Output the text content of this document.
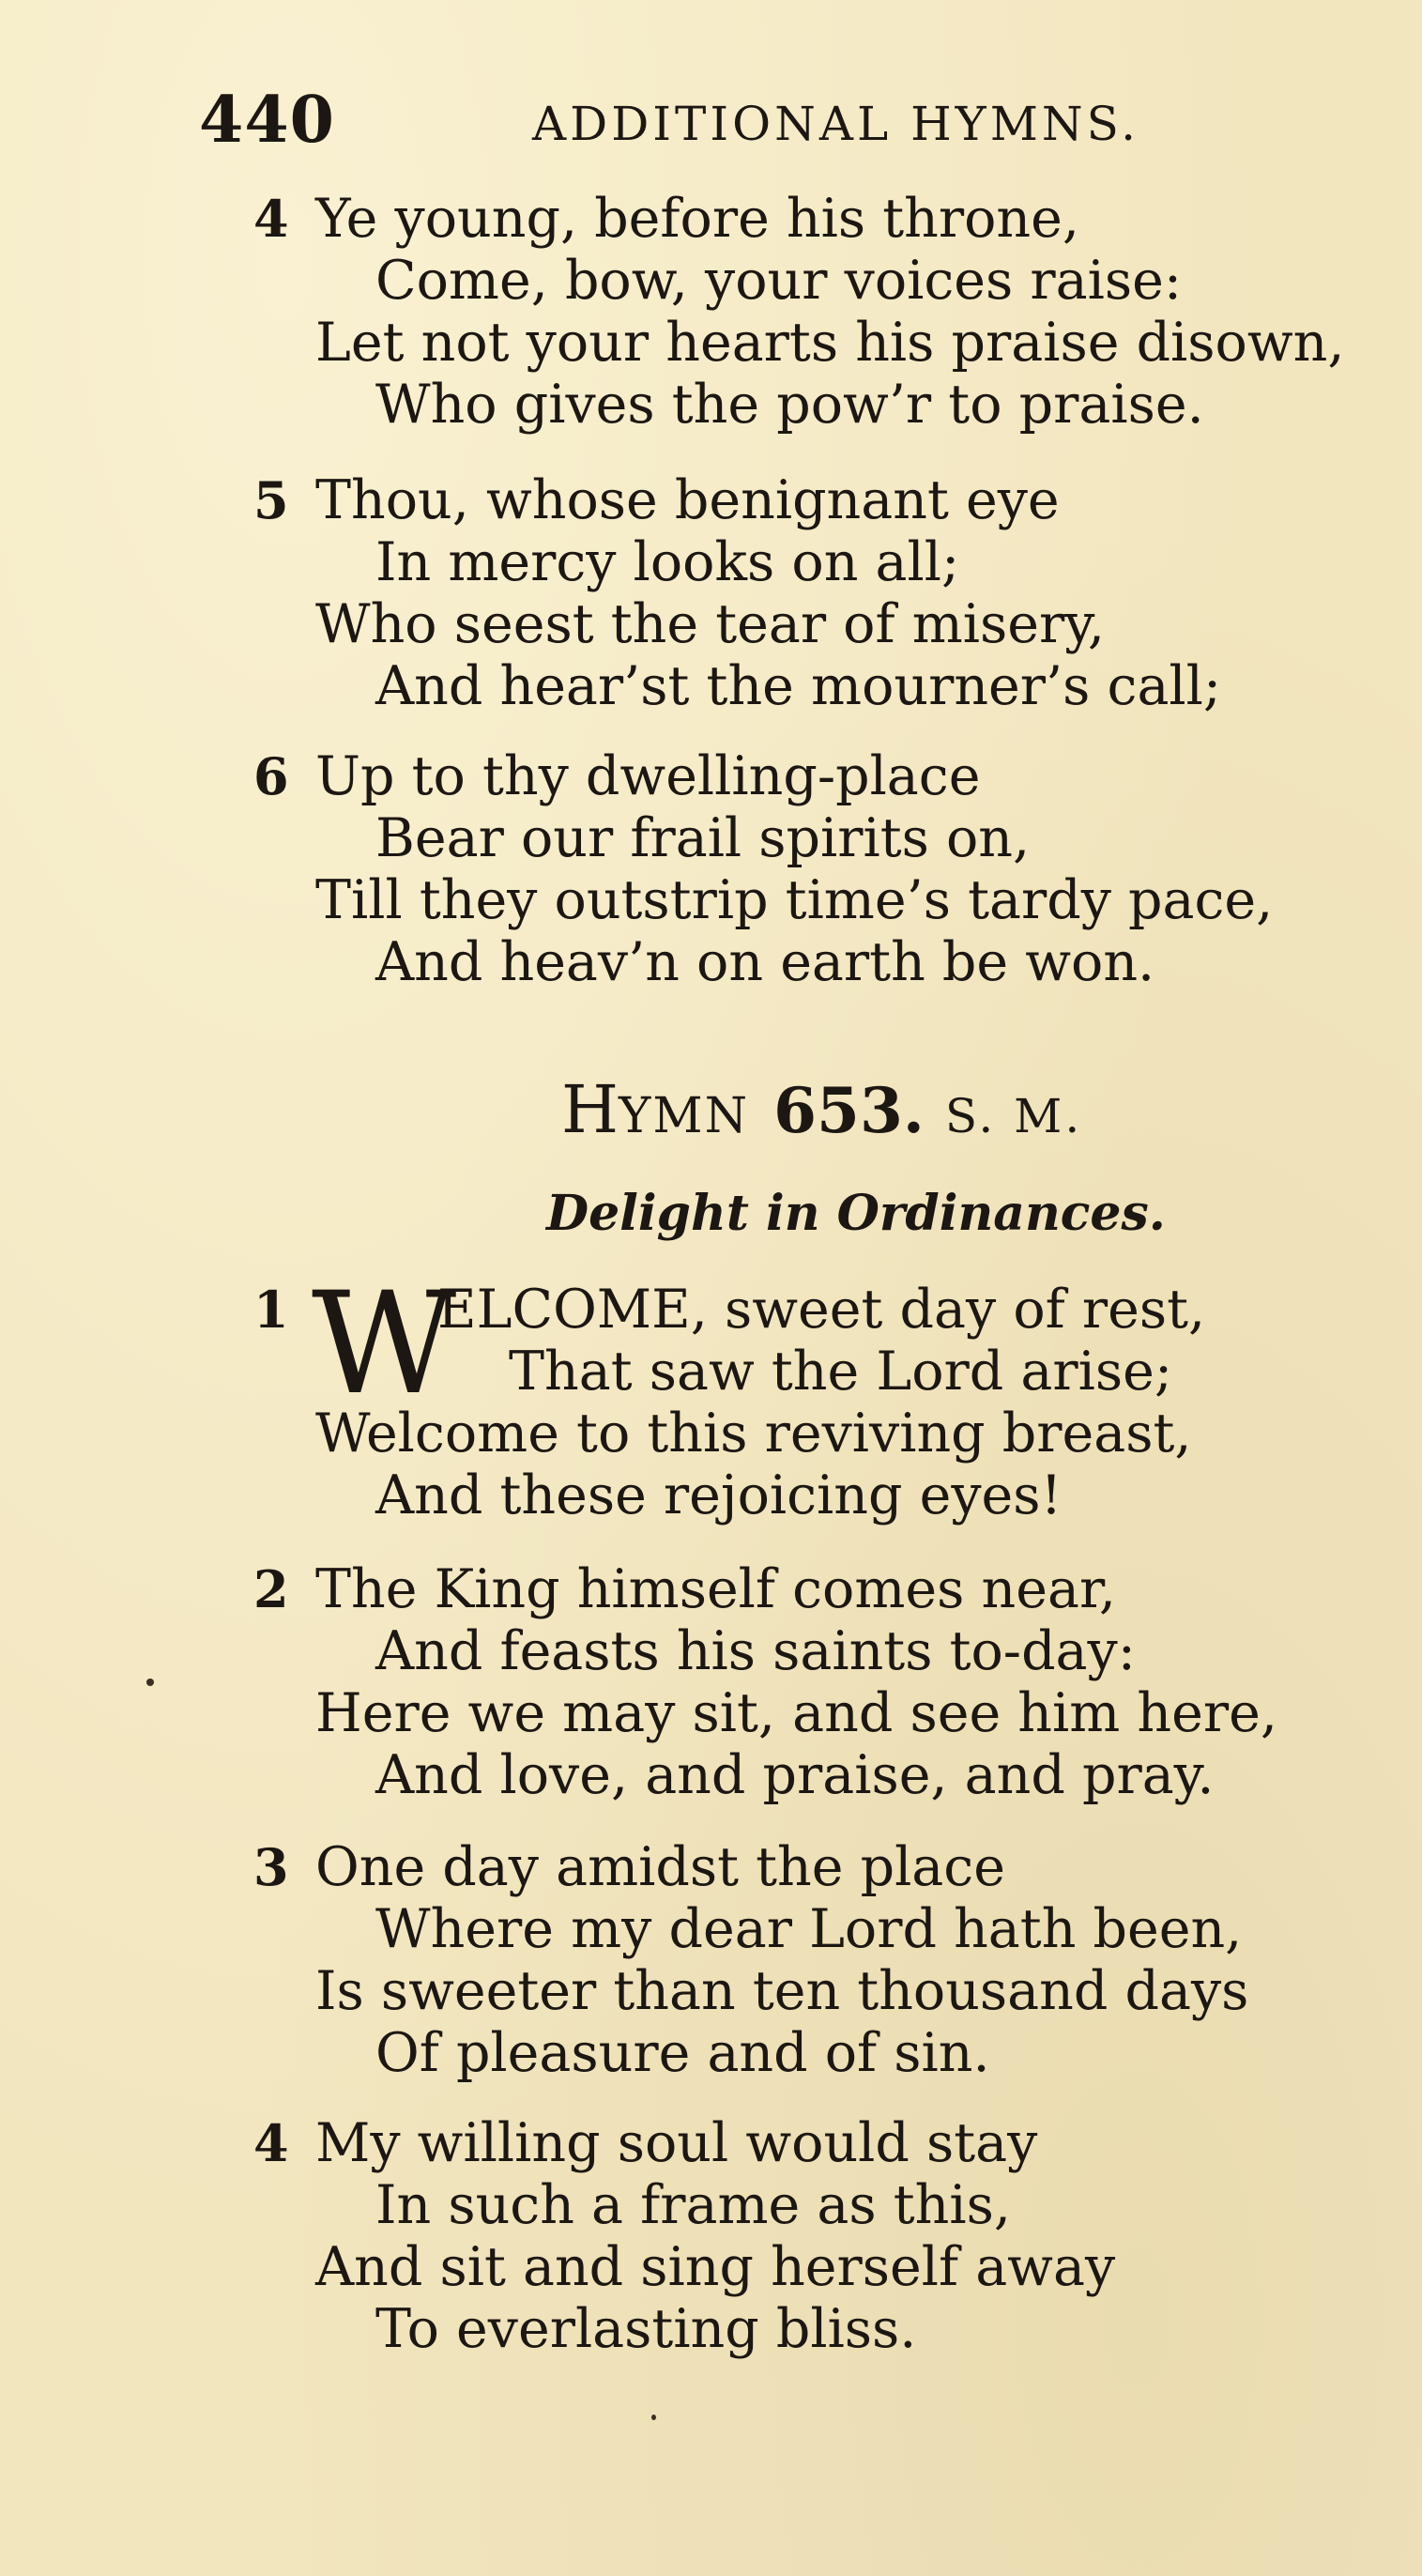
440	ADDITIONAL HYMNS.
4 Ye young, before his throne,
Come, bow, your voices raise:
Let not your hearts his praise disown,
Who gives the pow’r to praise.
5 Thou, whose benignant eye
In mercy looks on all;
Who seest the tear of misery,
And hear’st the mourner’s call;
6 Up to thy dwelling-place
Bear our frail spirits on,
Till they outstrip time’s tardy pace,
And heav’n on earth be won.
HYMN 653. S. M.
Delight in Ordinances.
1 W
ELCOME, sweet day of rest,
That saw the Lord arise;
Welcome to this reviving breast,
And these rejoicing eyes!
2 The King himself comes near,
And feasts his saints to-day:
Here we may sit, and see him here,
And love, and praise, and pray.
3 One day amidst the place
Where my dear Lord hath been,
Is sweeter than ten thousand days
Of pleasure and of sin.
4 My willing soul would stay
In such a frame as this,
And sit and sing herself away
To everlasting bliss.
